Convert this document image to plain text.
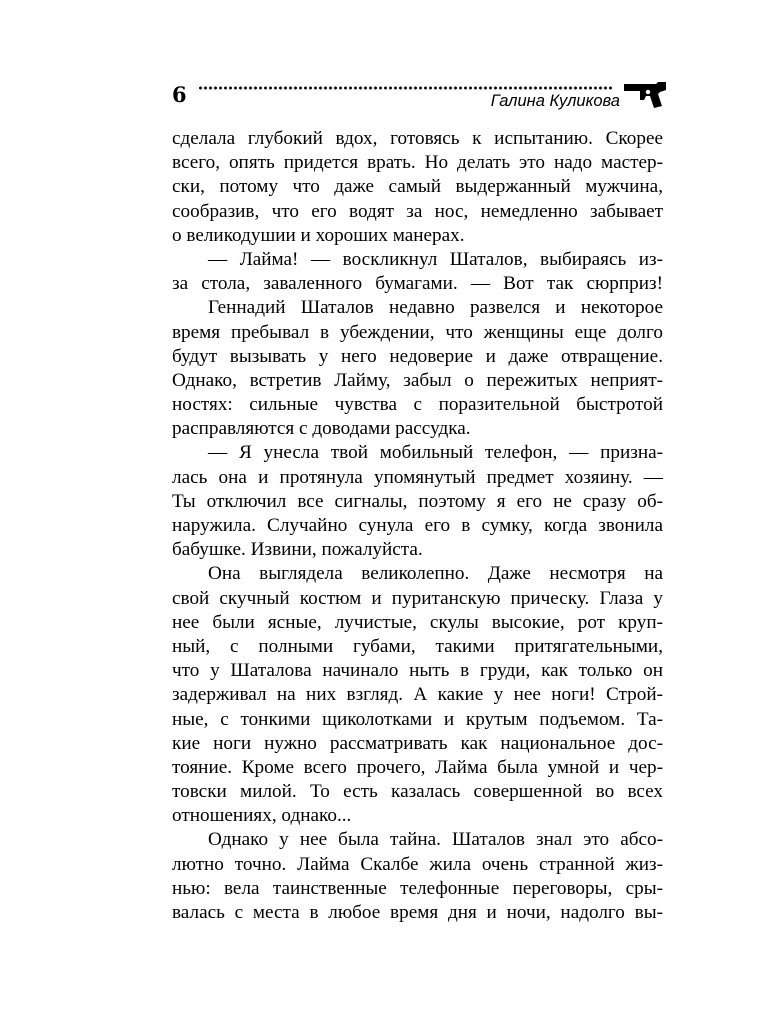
6	Галина Куликова
сделала глубокий вдох, готовясь к испытанию. Скорее
всего, опять придется врать. Но делать это надо мастер-
ски, потому что даже самый выдержанный мужчина,
сообразив, что его водят за нос, немедленно забывает
о великодушии и хороших манерах.
— Лайма! — воскликнул Шаталов, выбираясь из-
за стола, заваленного бумагами. — Вот так сюрприз!
Геннадий Шаталов недавно развелся и некоторое
время пребывал в убеждении, что женщины еще долго
будут вызывать у него недоверие и даже отвращение.
Однако, встретив Лайму, забыл о пережитых неприят-
ностях: сильные чувства с поразительной быстротой
расправляются с доводами рассудка.
— Я унесла твой мобильный телефон, — призна-
лась она и протянула упомянутый предмет хозяину. —
Ты отключил все сигналы, поэтому я его не сразу об-
наружила. Случайно сунула его в сумку, когда звонила
бабушке. Извини, пожалуйста.
Она выглядела великолепно. Даже несмотря на
свой скучный костюм и пуританскую прическу. Глаза у
нее были ясные, лучистые, скулы высокие, рот круп-
ный, с полными губами, такими притягательными,
что у Шаталова начинало ныть в груди, как только он
задерживал на них взгляд. А какие у нее ноги! Строй-
ные, с тонкими щиколотками и крутым подъемом. Та-
кие ноги нужно рассматривать как национальное дос-
тояние. Кроме всего прочего, Лайма была умной и чер-
товски милой. То есть казалась совершенной во всех
отношениях, однако...
Однако у нее была тайна. Шаталов знал это абсо-
лютно точно. Лайма Скалбе жила очень странной жиз-
нью: вела таинственные телефонные переговоры, сры-
валась с места в любое время дня и ночи, надолго вы-
